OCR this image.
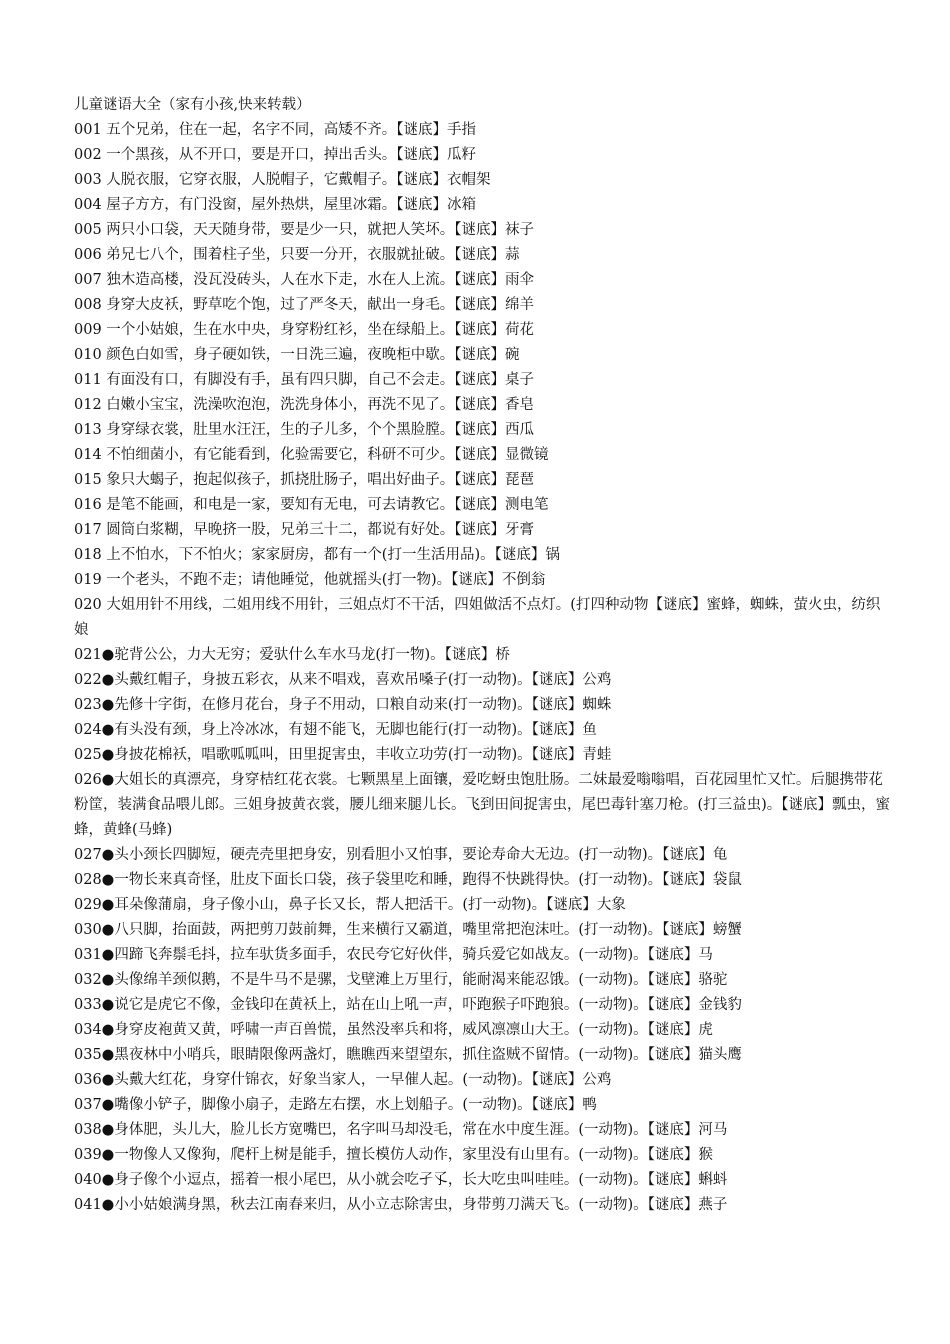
儿童谜语大全（家有小孩,快来转载）

001 五个兄弟，住在一起，名字不同，高矮不齐。【谜底】手指

002 一个黑孩，从不开口，要是开口，掉出舌头。【谜底】瓜籽

003 人脱衣服，它穿衣服，人脱帽子，它戴帽子。【谜底】衣帽架

004 屋子方方，有门没窗，屋外热烘，屋里冰霜。【谜底】冰箱

005 两只小口袋，天天随身带，要是少一只，就把人笑坏。【谜底】袜子

006 弟兄七八个，围着柱子坐，只要一分开，衣服就扯破。【谜底】蒜

007 独木造高楼，没瓦没砖头，人在水下走，水在人上流。【谜底】雨伞

008 身穿大皮袄，野草吃个饱，过了严冬天，献出一身毛。【谜底】绵羊

009 一个小姑娘，生在水中央，身穿粉红衫，坐在绿船上。【谜底】荷花

010 颜色白如雪，身子硬如铁，一日洗三遍，夜晚柜中歇。【谜底】碗

011 有面没有口，有脚没有手，虽有四只脚，自己不会走。【谜底】桌子

012 白嫩小宝宝，洗澡吹泡泡，洗洗身体小，再洗不见了。【谜底】香皂

013 身穿绿衣裳，肚里水汪汪，生的子儿多，个个黑脸膛。【谜底】西瓜

014 不怕细菌小，有它能看到，化验需要它，科研不可少。【谜底】显微镜

015 象只大蝎子，抱起似孩子，抓挠肚肠子，唱出好曲子。【谜底】琵琶

016 是笔不能画，和电是一家，要知有无电，可去请教它。【谜底】测电笔

017 圆筒白浆糊，早晚挤一股，兄弟三十二，都说有好处。【谜底】牙膏

018 上不怕水，下不怕火；家家厨房，都有一个(打一生活用品)。【谜底】锅

019 一个老头，不跑不走；请他睡觉，他就摇头(打一物)。【谜底】不倒翁

020 大姐用针不用线，二姐用线不用针，三姐点灯不干活，四姐做活不点灯。(打四种动物【谜底】蜜蜂，蜘蛛，萤火虫，纺织娘

021●驼背公公，力大无穷；爱驮什么车水马龙(打一物)。【谜底】桥

022●头戴红帽子，身披五彩衣，从来不唱戏，喜欢吊嗓子(打一动物)。【谜底】公鸡

023●先修十字街，在修月花台，身子不用动，口粮自动来(打一动物)。【谜底】蜘蛛

024●有头没有颈，身上冷冰冰，有翅不能飞，无脚也能行(打一动物)。【谜底】鱼

025●身披花棉袄，唱歌呱呱叫，田里捉害虫，丰收立功劳(打一动物)。【谜底】青蛙

026●大姐长的真漂亮，身穿桔红花衣裳。七颗黑星上面镶，爱吃蚜虫饱肚肠。二妹最爱嗡嗡唱，百花园里忙又忙。后腿携带花粉筐，装满食品喂儿郎。三姐身披黄衣裳，腰儿细来腿儿长。飞到田间捉害虫，尾巴毒针塞刀枪。(打三益虫)。【谜底】瓢虫，蜜蜂，黄蜂(马蜂)

027●头小颈长四脚短，硬壳壳里把身安，别看胆小又怕事，要论寿命大无边。(打一动物)。【谜底】龟

028●一物长来真奇怪，肚皮下面长口袋，孩子袋里吃和睡，跑得不快跳得快。(打一动物)。【谜底】袋鼠

029●耳朵像蒲扇，身子像小山，鼻子长又长，帮人把活干。(打一动物)。【谜底】大象

030●八只脚，抬面鼓，两把剪刀鼓前舞，生来横行又霸道，嘴里常把泡沫吐。(打一动物)。【谜底】螃蟹

031●四蹄飞奔鬃毛抖，拉车驮货多面手，农民夸它好伙伴，骑兵爱它如战友。(一动物)。【谜底】马

032●头像绵羊颈似鹅，不是牛马不是骡，戈壁滩上万里行，能耐渴来能忍饿。(一动物)。【谜底】骆驼

033●说它是虎它不像，金钱印在黄袄上，站在山上吼一声，吓跑猴子吓跑狼。(一动物)。【谜底】金钱豹

034●身穿皮袍黄又黄，呼啸一声百兽慌，虽然没率兵和将，威风凛凛山大王。(一动物)。【谜底】虎

035●黑夜林中小哨兵，眼睛限像两盏灯，瞧瞧西来望望东，抓住盗贼不留情。(一动物)。【谜底】猫头鹰

036●头戴大红花，身穿什锦衣，好象当家人，一早催人起。(一动物)。【谜底】公鸡

037●嘴像小铲子，脚像小扇子，走路左右摆，水上划船子。(一动物)。【谜底】鸭

038●身体肥，头儿大，脸儿长方宽嘴巴，名字叫马却没毛，常在水中度生涯。(一动物)。【谜底】河马

039●一物像人又像狗，爬杆上树是能手，擅长模仿人动作，家里没有山里有。(一动物)。【谜底】猴

040●身子像个小逗点，摇着一根小尾巴，从小就会吃孑孓，长大吃虫叫哇哇。(一动物)。【谜底】蝌蚪

041●小小姑娘满身黑，秋去江南春来归，从小立志除害虫，身带剪刀满天飞。(一动物)。【谜底】燕子
